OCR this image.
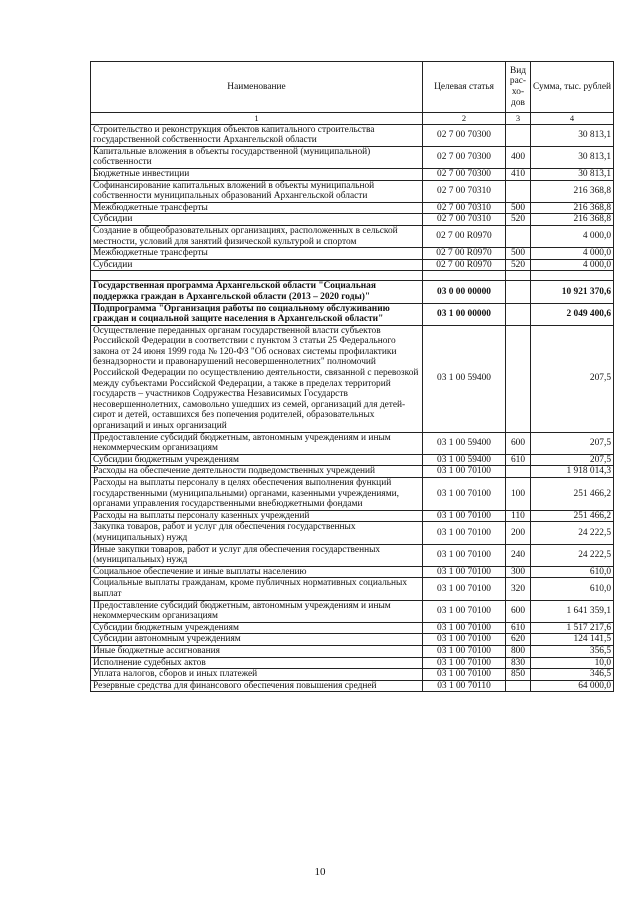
Наименование	Целевая статья	Вид рас-хо-дов	Сумма, тыс. рублей
1	2	3	4
Строительство и реконструкция объектов капитального строительства государственной собственности Архангельской области	02 7 00 70300		30 813,1
Капитальные вложения в объекты государственной (муниципальной) собственности	02 7 00 70300	400	30 813,1
Бюджетные инвестиции	02 7 00 70300	410	30 813,1
Софинансирование капитальных вложений в объекты муниципальной собственности муниципальных образований Архангельской области	02 7 00 70310		216 368,8
Межбюджетные трансферты	02 7 00 70310	500	216 368,8
Субсидии	02 7 00 70310	520	216 368,8
Создание в общеобразовательных организациях, расположенных в сельской местности, условий для занятий физической культурой и спортом	02 7 00 R0970		4 000,0
Межбюджетные трансферты	02 7 00 R0970	500	4 000,0
Субсидии	02 7 00 R0970	520	4 000,0

Государственная программа Архангельской области "Социальная поддержка граждан в Архангельской области (2013 – 2020 годы)"	03 0 00 00000		10 921 370,6
Подпрограмма "Организация работы по социальному обслуживанию граждан и социальной защите населения в Архангельской области"	03 1 00 00000		2 049 400,6
Осуществление переданных органам государственной власти субъектов Российской Федерации в соответствии с пунктом 3 статьи 25 Федерального закона от 24 июня 1999 года № 120-ФЗ "Об основах системы профилактики безнадзорности и правонарушений несовершеннолетних" полномочий Российской Федерации по осуществлению деятельности, связанной с перевозкой между субъектами Российской Федерации, а также в пределах территорий государств – участников Содружества Независимых Государств несовершеннолетних, самовольно ушедших из семей, организаций для детей-сирот и детей, оставшихся без попечения родителей, образовательных организаций и иных организаций	03 1 00 59400		207,5
Предоставление субсидий бюджетным, автономным учреждениям и иным некоммерческим организациям	03 1 00 59400	600	207,5
Субсидии бюджетным учреждениям	03 1 00 59400	610	207,5
Расходы на обеспечение деятельности подведомственных учреждений	03 1 00 70100		1 918 014,3
Расходы на выплаты персоналу в целях обеспечения выполнения функций государственными (муниципальными) органами, казенными учреждениями, органами управления государственными внебюджетными фондами	03 1 00 70100	100	251 466,2
Расходы на выплаты персоналу казенных учреждений	03 1 00 70100	110	251 466,2
Закупка товаров, работ и услуг для обеспечения государственных (муниципальных) нужд	03 1 00 70100	200	24 222,5
Иные закупки товаров, работ и услуг для обеспечения государственных (муниципальных) нужд	03 1 00 70100	240	24 222,5
Социальное обеспечение и иные выплаты населению	03 1 00 70100	300	610,0
Социальные выплаты гражданам, кроме публичных нормативных социальных выплат	03 1 00 70100	320	610,0
Предоставление субсидий бюджетным, автономным учреждениям и иным некоммерческим организациям	03 1 00 70100	600	1 641 359,1
Субсидии бюджетным учреждениям	03 1 00 70100	610	1 517 217,6
Субсидии автономным учреждениям	03 1 00 70100	620	124 141,5
Иные бюджетные ассигнования	03 1 00 70100	800	356,5
Исполнение судебных актов	03 1 00 70100	830	10,0
Уплата налогов, сборов и иных платежей	03 1 00 70100	850	346,5
Резервные средства для финансового обеспечения повышения средней	03 1 00 70110		64 000,0
10
